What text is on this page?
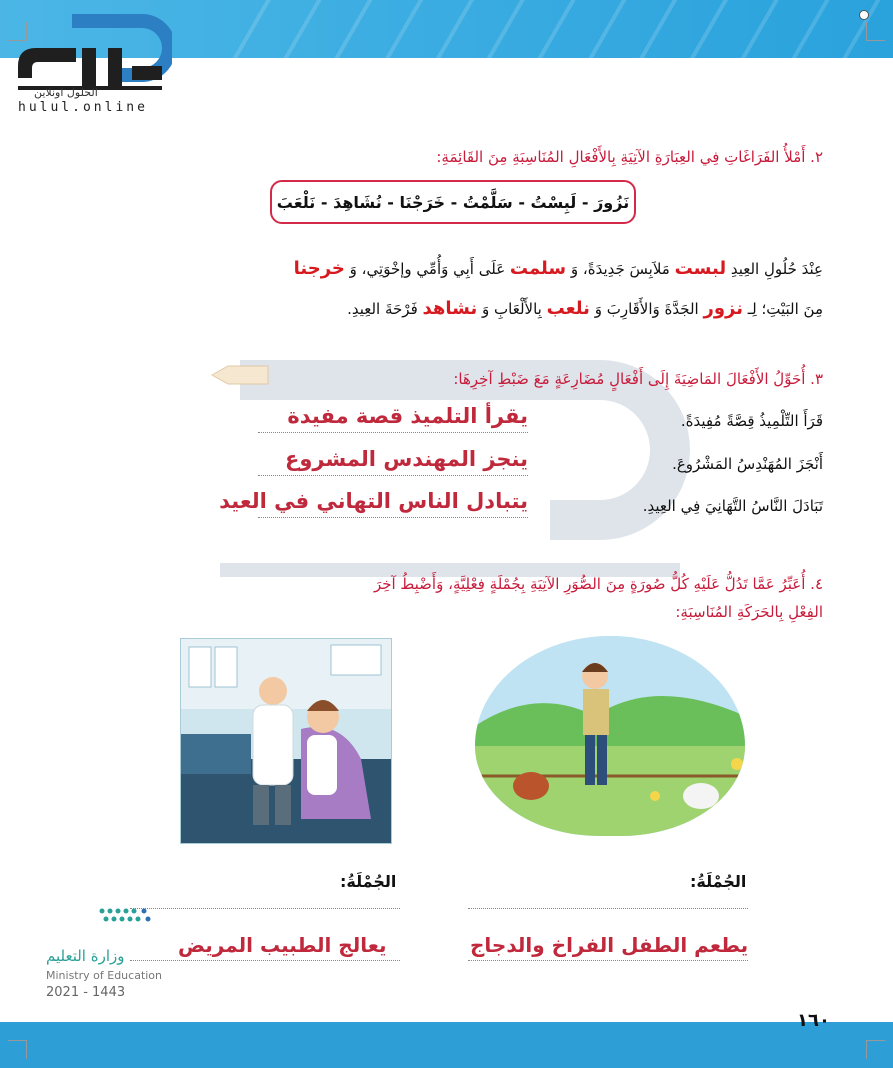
الحلول اونلاين
hulul.online
٢. أَمْلأُ الفَرَاغَاتِ فِي العِبَارَةِ الآتِيَةِ بِالأَفْعَالِ المُنَاسِبَةِ مِنَ القَائِمَةِ:
نَزُورَ - لَبِسْتُ - سَلَّمْتُ - خَرَجْنَا - نُشَاهِدَ - نَلْعَبَ
عِنْدَ حُلُولِ العِيدِ لبست مَلاَبِسَ جَدِيدَةً، وَ سلمت عَلَى أَبِي وَأُمِّي وإخْوَتِي، وَ خرجنا
مِنَ البَيْتِ؛ لِـ نزور الجَدَّةَ وَالأَقَارِبَ وَ نلعب بِالأَلْعَابِ وَ نشاهد فَرْحَةَ العِيدِ.
٣. أُحَوِّلُ الأَفْعَالَ المَاضِيَةَ إِلَى أَفْعَالٍ مُضَارِعَةٍ مَعَ ضَبْطِ آخِرِهَا:
قَرَأَ التِّلْمِيذُ قِصَّةً مُفِيدَةً.
يقرأ التلميذ قصة مفيدة
أَنْجَزَ المُهَنْدِسُ المَشْرُوعَ.
ينجز المهندس المشروع
تَبَادَلَ النَّاسُ التَّهَانِيَ فِي العِيدِ.
يتبادل الناس التهاني في العيد
٤. أُعَبِّرُ عَمَّا تَدُلُّ عَلَيْهِ كُلُّ صُورَةٍ مِنَ الصُّوَرِ الآتِيَةِ بِجُمْلَةٍ فِعْلِيَّةٍ، وَأَضْبِطُ آخِرَ
الفِعْلِ بِالحَرَكَةِ المُنَاسِبَةِ:
الجُمْلَةُ:
يطعم الطفل الفراخ والدجاج
الجُمْلَةُ:
يعالج الطبيب المريض
وزارة التعليم
Ministry of Education
2021 - 1443
١٦٠
